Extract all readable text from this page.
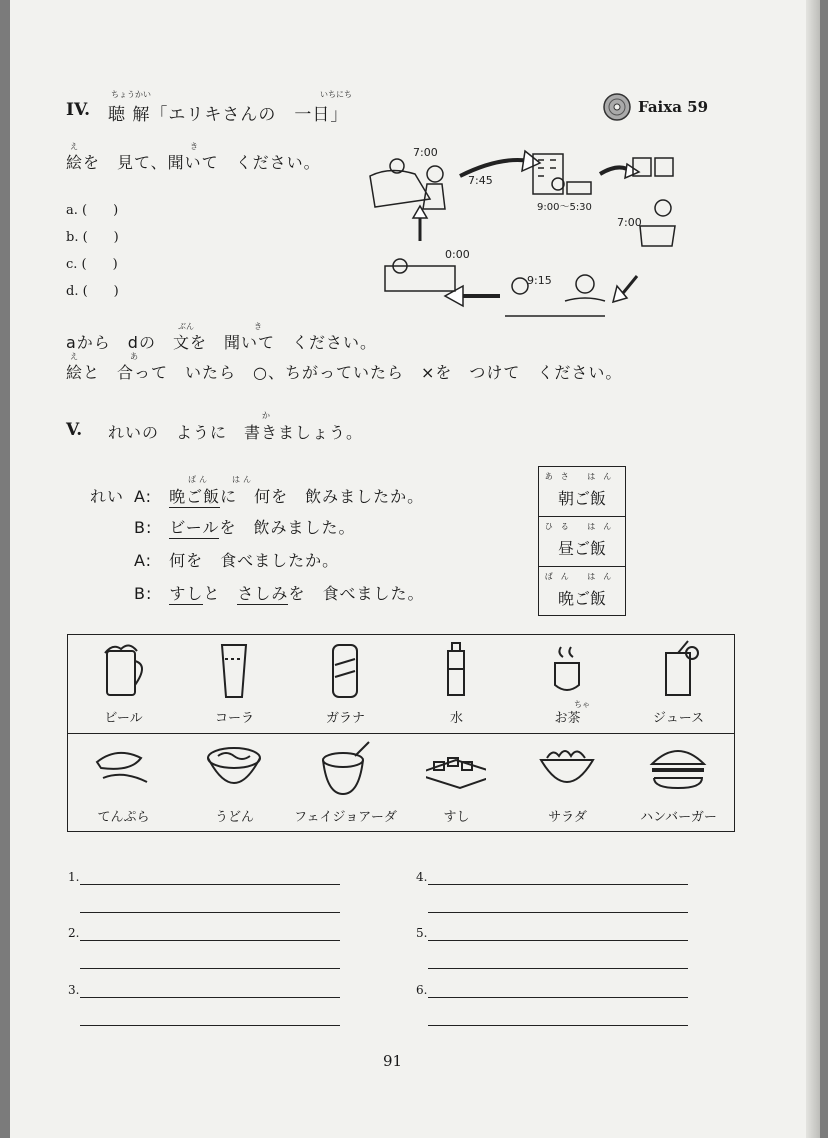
ちょうかい	いちにち
IV. 聴 解「エリキさんの　一日」	Faixa 59
え	き
絵を　見て、聞いて　ください。
a. (　　)
b. (　　)
c. (　　)
d. (　　)
7:00
7:45
9:00～5:30
7:00
9:15
0:00
ぶん	き
aから　dの　文を　聞いて　ください。
え	あ
絵と　合って　いたら　○、ちがっていたら　×を　つけて　ください。
か
V. れいの　ように　書きましょう。
ばん　　はん
れい A:　 晩ご飯に　何を　飲みましたか。
B:　 ビールを　飲みました。
A:　 何を　食べましたか。
B:　 すしと　さしみを　食べました。
あさ はん
朝ご飯
ひる はん
昼ご飯
ばん はん
晩ご飯
ビール	コーラ	ガラナ	水
ちゃ
お茶	ジュース
てんぷら	うどん	フェイジョアーダ	すし	サラダ	ハンバーガー
1.
2.
3.
4.
5.
6.
91
